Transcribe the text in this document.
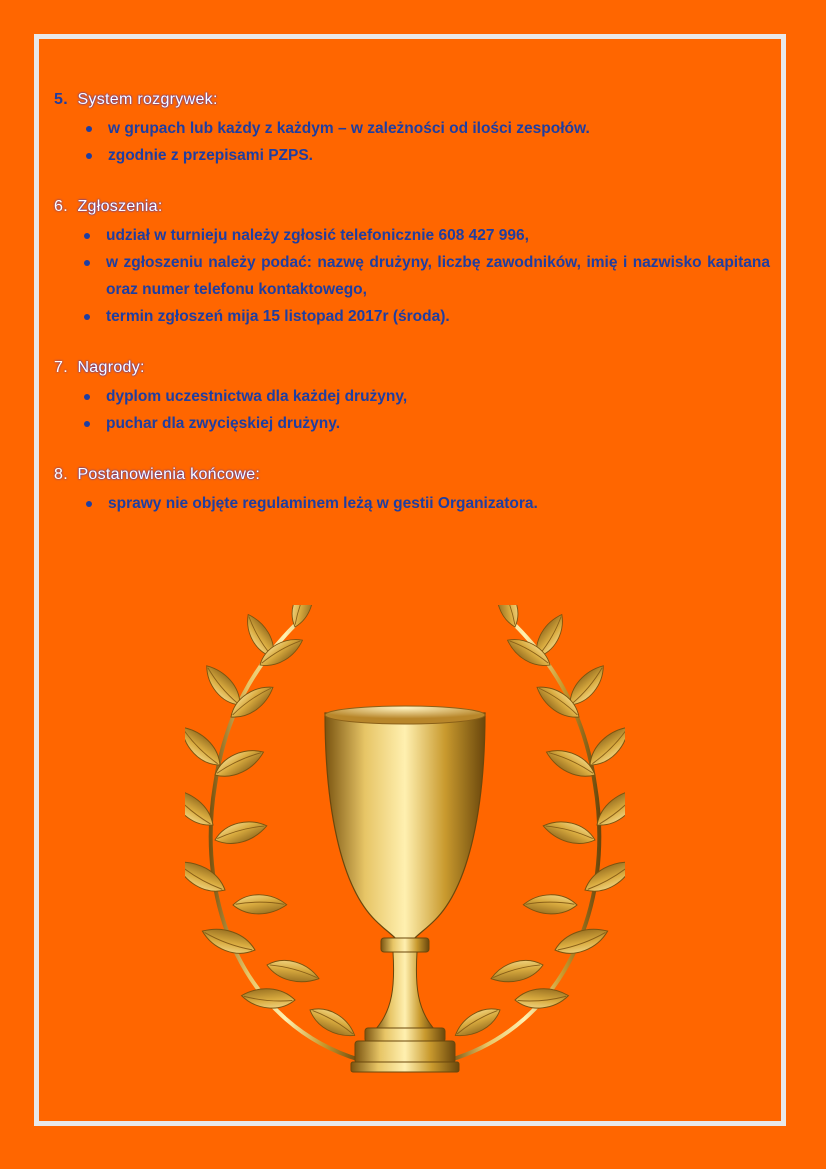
5. System rozgrywek:
w grupach lub każdy z każdym – w zależności od ilości zespołów.
zgodnie z przepisami PZPS.
6. Zgłoszenia:
udział w turnieju należy zgłosić telefonicznie 608 427 996,
w zgłoszeniu należy podać: nazwę drużyny, liczbę zawodników, imię i nazwisko kapitana oraz numer telefonu kontaktowego,
termin zgłoszeń mija 15 listopad 2017r (środa).
7. Nagrody:
dyplom uczestnictwa dla każdej drużyny,
puchar dla zwycięskiej drużyny.
8. Postanowienia końcowe:
sprawy nie objęte regulaminem leżą w gestii Organizatora.
